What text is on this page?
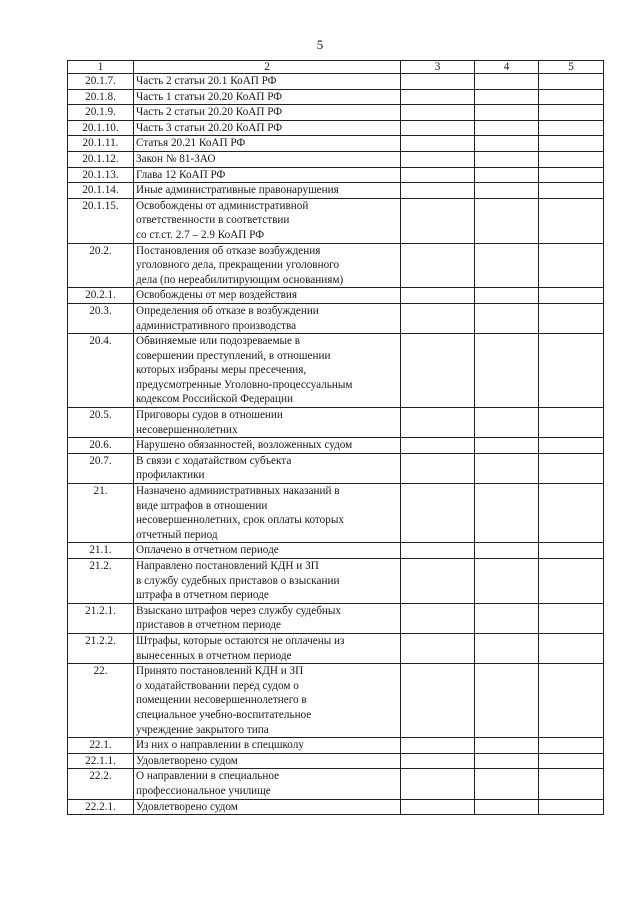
5
1	2	3	4	5
20.1.7.	Часть 2 статьи 20.1 КоАП РФ			
20.1.8.	Часть 1 статьи 20.20 КоАП РФ			
20.1.9.	Часть 2 статьи 20.20 КоАП РФ			
20.1.10.	Часть 3 статьи 20.20 КоАП РФ			
20.1.11.	Статья 20.21 КоАП РФ			
20.1.12.	Закон № 81-ЗАО			
20.1.13.	Глава 12 КоАП РФ			
20.1.14.	Иные административные правонарушения			
20.1.15.	Освобождены от административной
ответственности в соответствии
со ст.ст. 2.7 – 2.9 КоАП РФ			
20.2.	Постановления об отказе возбуждения
уголовного дела, прекращении уголовного
дела (по нереабилитирующим основаниям)			
20.2.1.	Освобождены от мер воздействия			
20.3.	Определения об отказе в возбуждении
административного производства			
20.4.	Обвиняемые или подозреваемые в
совершении преступлений, в отношении
которых избраны меры пресечения,
предусмотренные Уголовно-процессуальным
кодексом Российской Федерации			
20.5.	Приговоры судов в отношении
несовершеннолетних			
20.6.	Нарушено обязанностей, возложенных судом			
20.7.	В связи с ходатайством субъекта
профилактики			
21.	Назначено административных наказаний в
виде штрафов в отношении
несовершеннолетних, срок оплаты которых
отчетный период			
21.1.	Оплачено в отчетном периоде			
21.2.	Направлено постановлений КДН и ЗП
в службу судебных приставов о взыскании
штрафа в отчетном периоде			
21.2.1.	Взыскано штрафов через службу судебных
приставов в отчетном периоде			
21.2.2.	Штрафы, которые остаются не оплачены из
вынесенных в отчетном периоде			
22.	Принято постановлений КДН и ЗП
о ходатайствовании перед судом о
помещении несовершеннолетнего в
специальное учебно-воспитательное
учреждение закрытого типа			
22.1.	Из них о направлении в спецшколу			
22.1.1.	Удовлетворено судом			
22.2.	О направлении в специальное
профессиональное училище			
22.2.1.	Удовлетворено судом			
